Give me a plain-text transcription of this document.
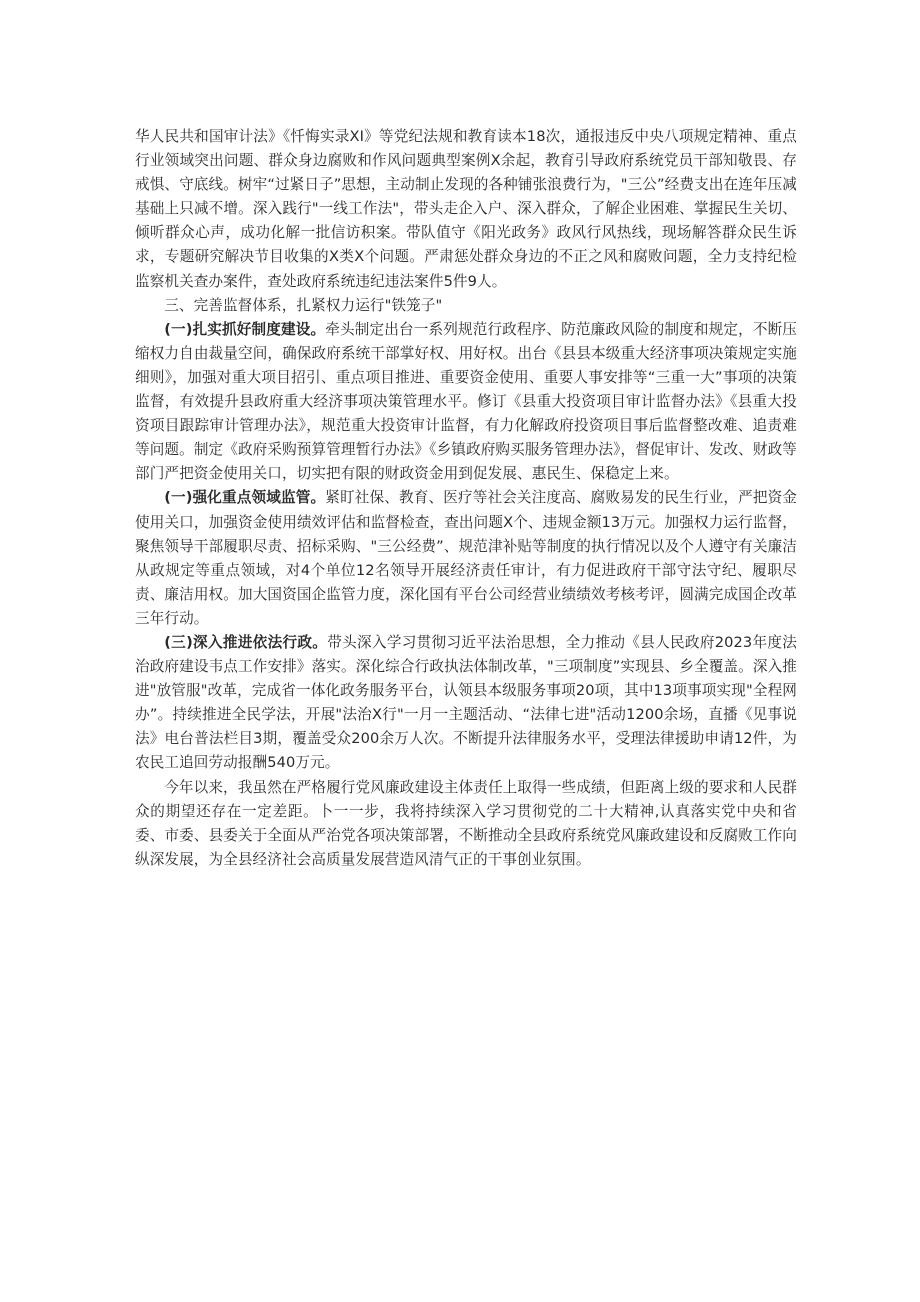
华人民共和国审计法》《忏悔实录XI》等党纪法规和教育读本18次，通报违反中央八项规定精神、重点行业领域突出问题、群众身边腐败和作风问题典型案例X余起，教育引导政府系统党员干部知敬畏、存戒惧、守底线。树牢“过紧日子”思想，主动制止发现的各种铺张浪费行为，"三公”经费支出在连年压减基础上只减不增。深入践行"一线工作法"，带头走企入户、深入群众，了解企业困难、掌握民生关切、倾听群众心声，成功化解一批信访积案。带队值守《阳光政务》政风行风热线，现场解答群众民生诉求，专题研究解决节目收集的X类X个问题。严肃惩处群众身边的不正之风和腐败问题，全力支持纪检监察机关查办案件，查处政府系统违纪违法案件5件9人。

三、完善监督体系，扎紧权力运行"铁笼子"

(一)扎实抓好制度建设。牵头制定出台一系列规范行政程序、防范廉政风险的制度和规定，不断压缩权力自由裁量空间，确保政府系统干部掌好权、用好权。出台《县县本级重大经济事项决策规定实施细则》，加强对重大项目招引、重点项目推进、重要资金使用、重要人事安排等“三重一大”事项的决策监督，有效提升县政府重大经济事项决策管理水平。修订《县重大投资项目审计监督办法》《县重大投资项目跟踪审计管理办法》，规范重大投资审计监督，有力化解政府投资项目事后监督整改难、追责难等问题。制定《政府采购预算管理暂行办法》《乡镇政府购买服务管理办法》，督促审计、发改、财政等部门严把资金使用关口，切实把有限的财政资金用到促发展、惠民生、保稳定上来。

(一)强化重点领域监管。紧盯社保、教育、医疗等社会关注度高、腐败易发的民生行业，严把资金使用关口，加强资金使用绩效评估和监督检查，查出问题X个、违规金额13万元。加强权力运行监督，聚焦领导干部履职尽责、招标采购、"三公经费”、规范津补贴等制度的执行情况以及个人遵守有关廉洁从政规定等重点领域，对4个单位12名领导开展经济责任审计，有力促进政府干部守法守纪、履职尽责、廉洁用权。加大国资国企监管力度，深化国有平台公司经营业绩绩效考核考评，圆满完成国企改革三年行动。

(三)深入推进依法行政。带头深入学习贯彻习近平法治思想，全力推动《县人民政府2023年度法治政府建设韦点工作安排》落实。深化综合行政执法体制改革，"三项制度”实现县、乡全覆盖。深入推进"放管服"改革，完成省一体化政务服务平台，认领县本级服务事项20项，其中13项事项实现"全程网办”。持续推进全民学法，开展"法治X行"一月一主题活动、“法律七进"活动1200余场，直播《见事说法》电台普法栏目3期，覆盖受众200余万人次。不断提升法律服务水平，受理法律援助申请12件，为农民工追回劳动报酬540万元。

今年以来，我虽然在严格履行党风廉政建设主体责任上取得一些成绩，但距离上级的要求和人民群众的期望还存在一定差距。卜一一步，我将持续深入学习贯彻党的二十大精神,认真落实党中央和省委、市委、县委关于全面从严治党各项决策部署，不断推动全县政府系统党风廉政建设和反腐败工作向纵深发展，为全县经济社会高质量发展营造风清气正的干事创业氛围。
